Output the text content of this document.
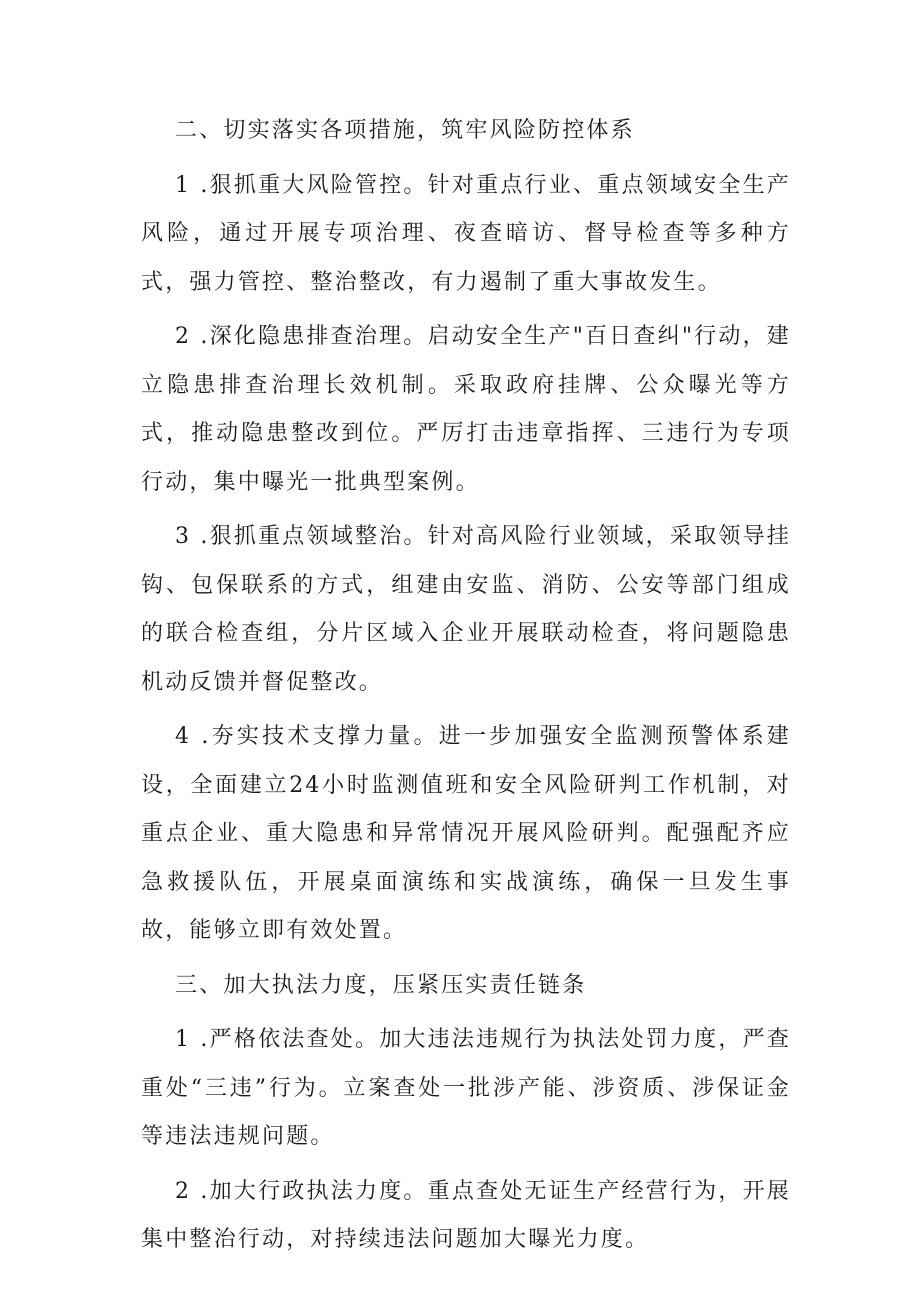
二、切实落实各项措施，筑牢风险防控体系

1 .狠抓重大风险管控。针对重点行业、重点领域安全生产风险，通过开展专项治理、夜查暗访、督导检查等多种方式，强力管控、整治整改，有力遏制了重大事故发生。

2 .深化隐患排查治理。启动安全生产"百日查纠"行动，建立隐患排查治理长效机制。采取政府挂牌、公众曝光等方式，推动隐患整改到位。严厉打击违章指挥、三违行为专项行动，集中曝光一批典型案例。

3 .狠抓重点领域整治。针对高风险行业领域，采取领导挂钩、包保联系的方式，组建由安监、消防、公安等部门组成的联合检查组，分片区域入企业开展联动检查，将问题隐患机动反馈并督促整改。

4 .夯实技术支撑力量。进一步加强安全监测预警体系建设，全面建立24小时监测值班和安全风险研判工作机制，对重点企业、重大隐患和异常情况开展风险研判。配强配齐应急救援队伍，开展桌面演练和实战演练，确保一旦发生事故，能够立即有效处置。

三、加大执法力度，压紧压实责任链条

1 .严格依法查处。加大违法违规行为执法处罚力度，严查重处“三违”行为。立案查处一批涉产能、涉资质、涉保证金等违法违规问题。

2 .加大行政执法力度。重点查处无证生产经营行为，开展集中整治行动，对持续违法问题加大曝光力度。
